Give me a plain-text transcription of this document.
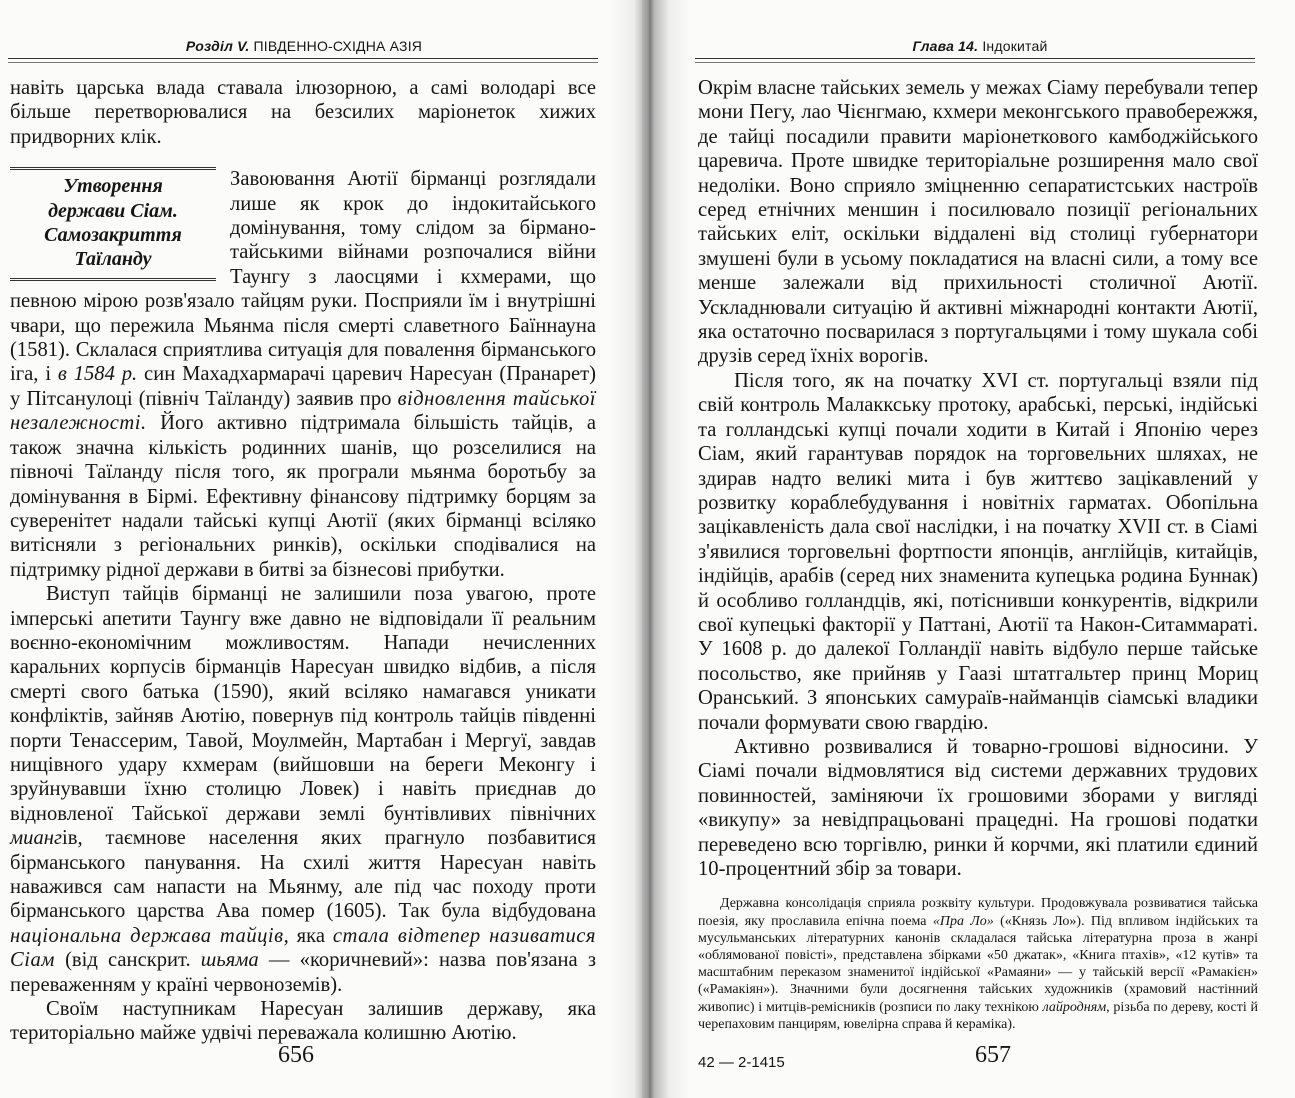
Розділ V. ПІВДЕННО-СХІДНА АЗІЯ

навіть царська влада ставала ілюзорною, а самі володарі все більше перетворювалися на безсилих маріонеток хижих придворних клік.

Утворення
держави Сіам.
Самозакриття
Таїланду

Завоювання Аютії бірманці розглядали лише як крок до індокитайського домінування, тому слідом за бірмано-тайськими війнами розпочалися війни Таунгу з лаосцями і кхмерами, що певною мірою розв'язало тайцям руки. Посприяли їм і внутрішні чвари, що пережила Мьянма після смерті славетного Баїннауна (1581). Склалася сприятлива ситуація для повалення бірманського іга, і в 1584 р. син Махадхармарачі царевич Наресуан (Пранарет) у Пітсанулоці (північ Таїланду) заявив про відновлення тайської незалежності. Його активно підтримала більшість тайців, а також значна кількість родинних шанів, що розселилися на півночі Таїланду після того, як програли мьянма боротьбу за домінування в Бірмі. Ефективну фінансову підтримку борцям за суверенітет надали тайські купці Аютії (яких бірманці всіляко витісняли з регіональних ринків), оскільки сподівалися на підтримку рідної держави в битві за бізнесові прибутки.

Виступ тайців бірманці не залишили поза увагою, проте імперські апетити Таунгу вже давно не відповідали її реальним воєнно-економічним можливостям. Напади нечисленних каральних корпусів бірманців Наресуан швидко відбив, а після смерті свого батька (1590), який всіляко намагався уникати конфліктів, зайняв Аютію, повернув під контроль тайців південні порти Тенассерим, Тавой, Моулмейн, Мартабан і Мергуї, завдав нищівного удару кхмерам (вийшовши на береги Меконгу і зруйнувавши їхню столицю Ловек) і навіть приєднав до відновленої Тайської держави землі бунтівливих північних миангів, таємнове населення яких прагнуло позбавитися бірманського панування. На схилі життя Наресуан навіть наважився сам напасти на Мьянму, але під час походу проти бірманського царства Ава помер (1605). Так була відбудована національна держава тайців, яка стала відтепер називатися Сіам (від санскрит. шьяма — «коричневий»: назва пов'язана з переваженням у країні червоноземів).

Своїм наступникам Наресуан залишив державу, яка територіально майже удвічі переважала колишню Аютію.

656
Глава 14. Індокитай

Окрім власне тайських земель у межах Сіаму перебували тепер мони Пегу, лао Чієнгмаю, кхмери меконгського правобережжя, де тайці посадили правити маріонеткового камбоджійського царевича. Проте швидке територіальне розширення мало свої недоліки. Воно сприяло зміцненню сепаратистських настроїв серед етнічних меншин і посилювало позиції регіональних тайських еліт, оскільки віддалені від столиці губернатори змушені були в усьому покладатися на власні сили, а тому все менше залежали від прихильності столичної Аютії. Ускладнювали ситуацію й активні міжнародні контакти Аютії, яка остаточно посварилася з португальцями і тому шукала собі друзів серед їхніх ворогів.

Після того, як на початку XVI ст. португальці взяли під свій контроль Малаккську протоку, арабські, перські, індійські та голландські купці почали ходити в Китай і Японію через Сіам, який гарантував порядок на торговельних шляхах, не здирав надто великі мита і був життєво зацікавлений у розвитку кораблебудування і новітніх гарматах. Обопільна зацікавленість дала свої наслідки, і на початку XVII ст. в Сіамі з'явилися торговельні фортпости японців, англійців, китайців, індійців, арабів (серед них знаменита купецька родина Буннак) й особливо голландців, які, потіснивши конкурентів, відкрили свої купецькі факторії у Паттані, Аютії та Након-Ситаммараті. У 1608 р. до далекої Голландії навіть відбуло перше тайське посольство, яке прийняв у Гаазі штатгальтер принц Мориц Оранський. З японських самураїв-найманців сіамські владики почали формувати свою гвардію.

Активно розвивалися й товарно-грошові відносини. У Сіамі почали відмовлятися від системи державних трудових повинностей, заміняючи їх грошовими зборами у вигляді «викупу» за невідпрацьовані працедні. На грошові податки переведено всю торгівлю, ринки й корчми, які платили єдиний 10-процентний збір за товари.

Державна консолідація сприяла розквіту культури. Продовжувала розвиватися тайська поезія, яку прославила епічна поема «Пра Ло» («Князь Ло»). Під впливом індійських та мусульманських літературних канонів складалася тайська літературна проза в жанрі «облямованої повісті», представлена збірками «50 джатак», «Книга птахів», «12 кутів» та масштабним переказом знаменитої індійської «Рамаяни» — у тайській версії «Рамакієн» («Рамакіян»). Значними були досягнення тайських художників (храмовий настінний живопис) і митців-ремісників (розписи по лаку технікою лайродням, різьба по дереву, кості й черепаховим панцирям, ювелірна справа й кераміка).

42 — 2-1415	657
